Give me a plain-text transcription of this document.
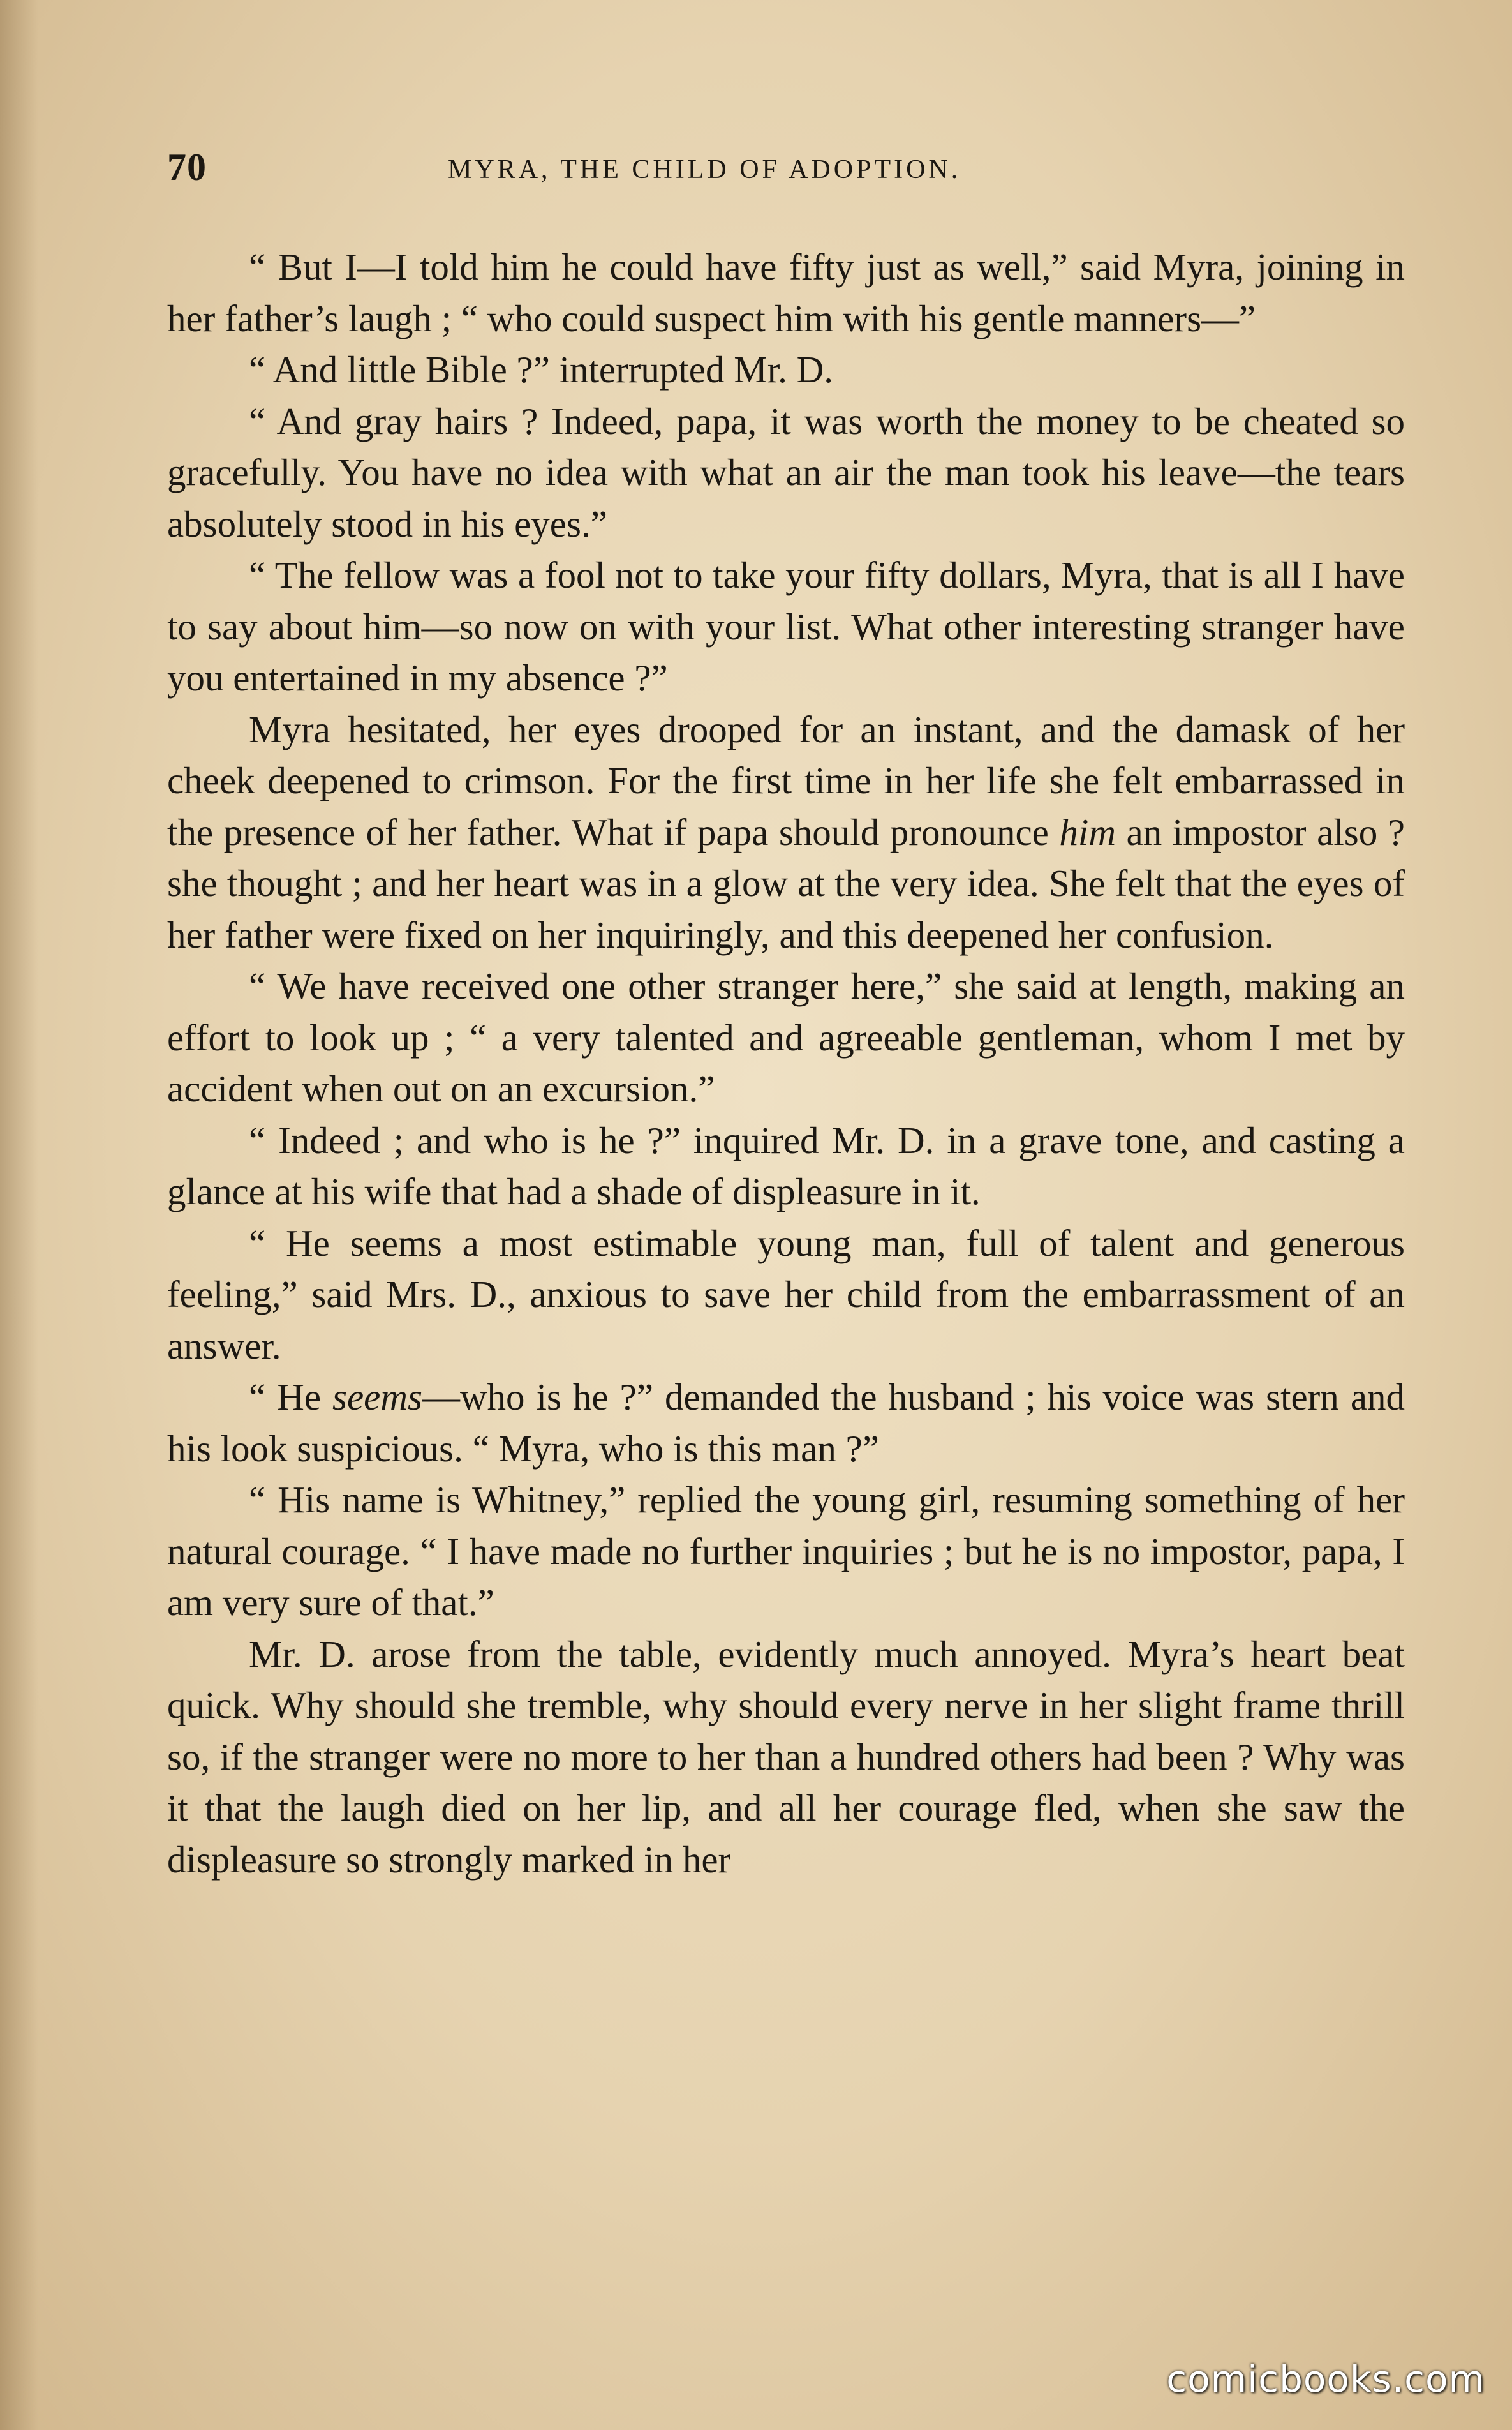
70	MYRA, THE CHILD OF ADOPTION.

“ But I—I told him he could have fifty just as well,” said Myra, joining in her father’s laugh ; “ who could suspect him with his gentle manners—”

“ And little Bible ?” interrupted Mr. D.

“ And gray hairs ? Indeed, papa, it was worth the money to be cheated so gracefully. You have no idea with what an air the man took his leave—the tears absolutely stood in his eyes.”

“ The fellow was a fool not to take your fifty dollars, Myra, that is all I have to say about him—so now on with your list. What other interesting stranger have you entertained in my absence ?”

Myra hesitated, her eyes drooped for an instant, and the damask of her cheek deepened to crimson. For the first time in her life she felt embarrassed in the presence of her father. What if papa should pronounce him an impostor also ? she thought ; and her heart was in a glow at the very idea. She felt that the eyes of her father were fixed on her inquiringly, and this deepened her confusion.

“ We have received one other stranger here,” she said at length, making an effort to look up ; “ a very talented and agreeable gentleman, whom I met by accident when out on an excursion.”

“ Indeed ; and who is he ?” inquired Mr. D. in a grave tone, and casting a glance at his wife that had a shade of displeasure in it.

“ He seems a most estimable young man, full of talent and generous feeling,” said Mrs. D., anxious to save her child from the embarrassment of an answer.

“ He seems—who is he ?” demanded the husband ; his voice was stern and his look suspicious. “ Myra, who is this man ?”

“ His name is Whitney,” replied the young girl, resuming something of her natural courage. “ I have made no further inquiries ; but he is no impostor, papa, I am very sure of that.”

Mr. D. arose from the table, evidently much annoyed. Myra’s heart beat quick. Why should she tremble, why should every nerve in her slight frame thrill so, if the stranger were no more to her than a hundred others had been ? Why was it that the laugh died on her lip, and all her courage fled, when she saw the displeasure so strongly marked in her

comicbooks.com
